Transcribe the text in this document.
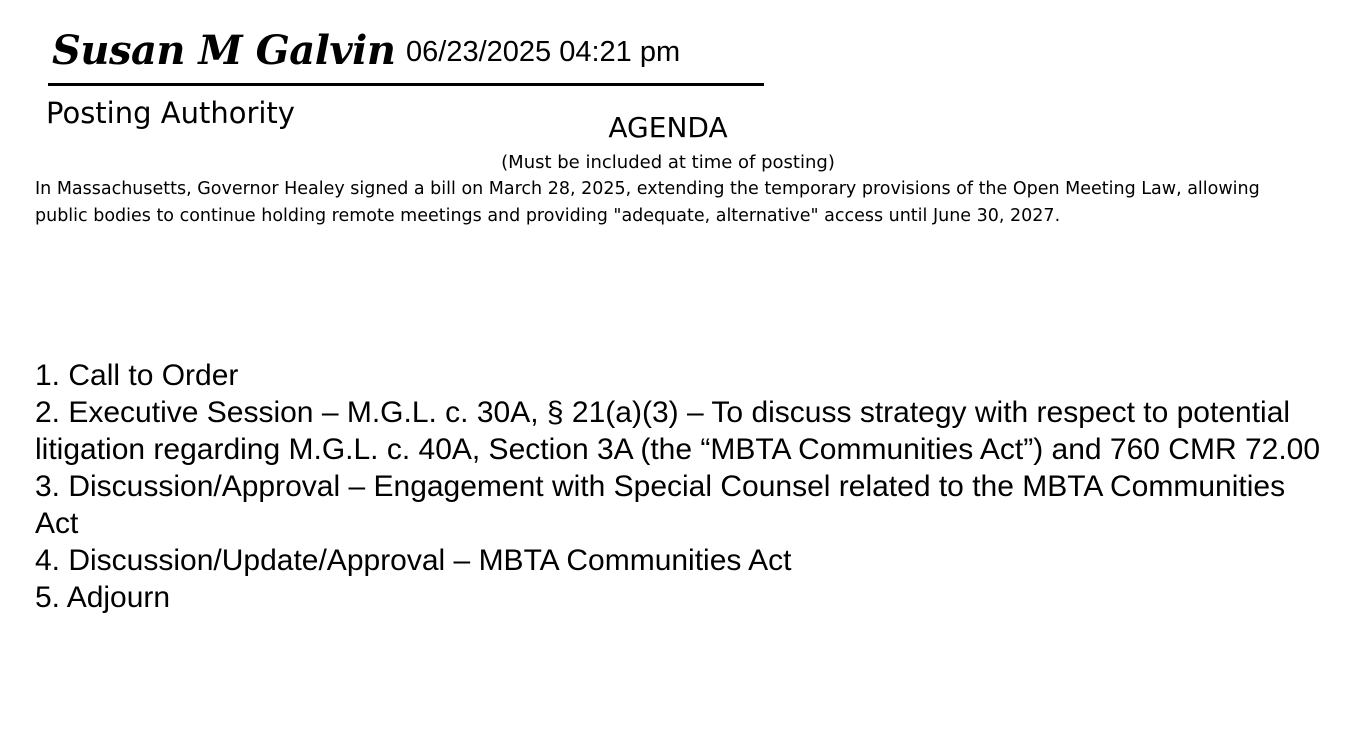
Susan M Galvin 06/23/2025 04:21 pm
Posting Authority	AGENDA
(Must be included at time of posting)

In Massachusetts, Governor Healey signed a bill on March 28, 2025, extending the temporary provisions of the Open Meeting Law, allowing public bodies to continue holding remote meetings and providing "adequate, alternative" access until June 30, 2027.

1. Call to Order
2. Executive Session – M.G.L. c. 30A, § 21(a)(3) – To discuss strategy with respect to potential litigation regarding M.G.L. c. 40A, Section 3A (the “MBTA Communities Act”) and 760 CMR 72.00
3. Discussion/Approval – Engagement with Special Counsel related to the MBTA Communities Act
4. Discussion/Update/Approval – MBTA Communities Act
5. Adjourn
